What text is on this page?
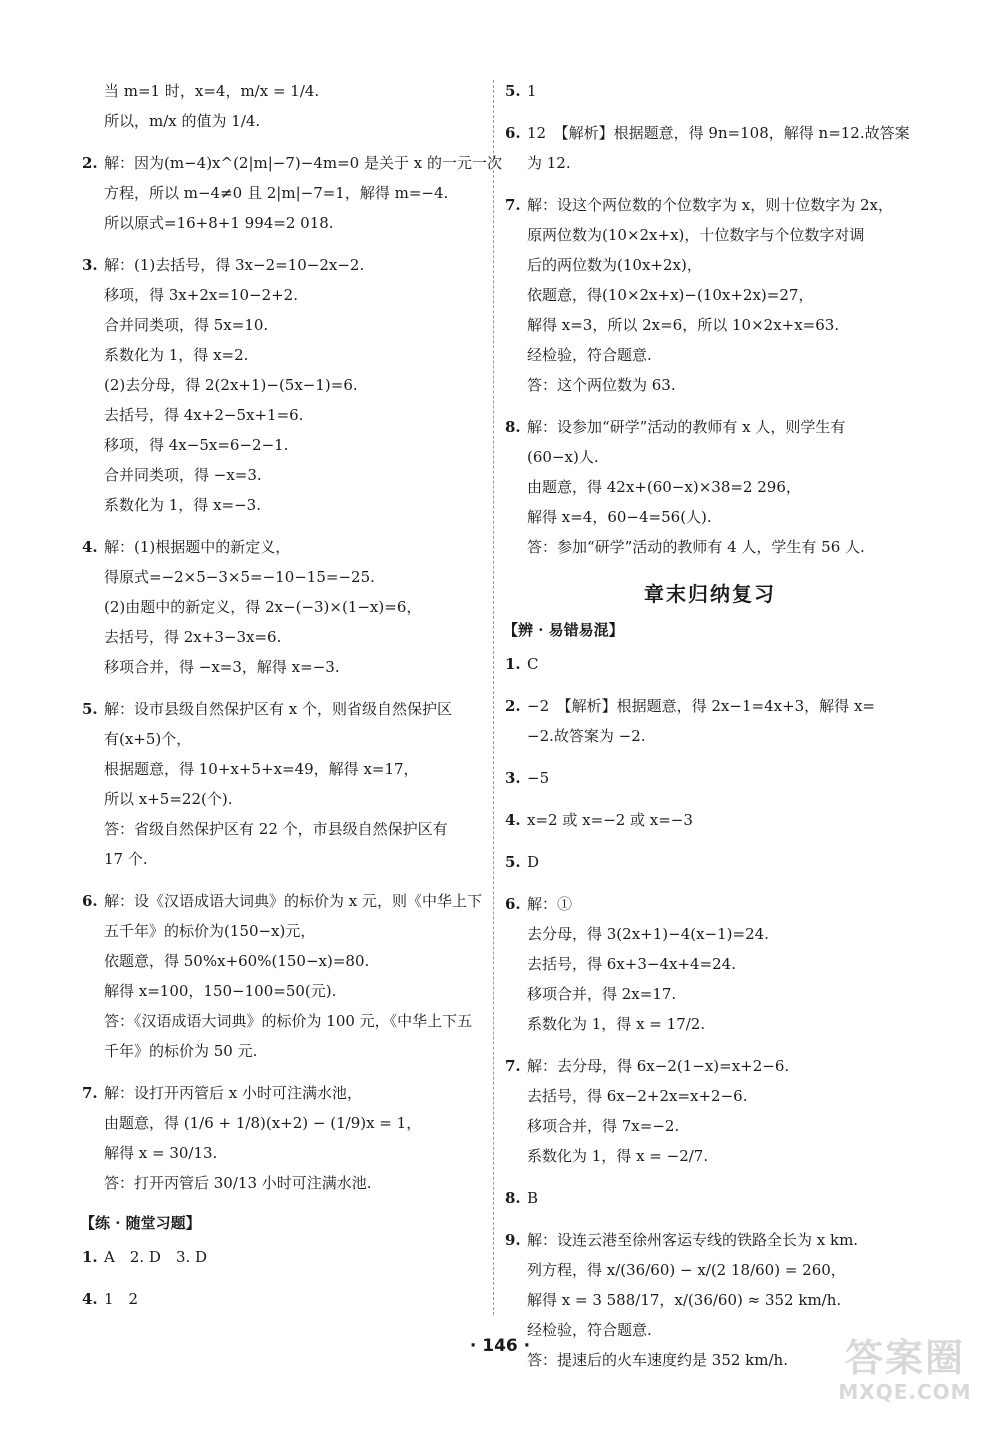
当 m=1 时，x=4，m/x = 1/4.
所以，m/x 的值为 1/4.
2. 解：因为(m−4)x^(2|m|−7)−4m=0 是关于 x 的一元一次
方程，所以 m−4≠0 且 2|m|−7=1，解得 m=−4.
所以原式=16+8+1 994=2 018.
3. 解：(1)去括号，得 3x−2=10−2x−2.
移项，得 3x+2x=10−2+2.
合并同类项，得 5x=10.
系数化为 1，得 x=2.
(2)去分母，得 2(2x+1)−(5x−1)=6.
去括号，得 4x+2−5x+1=6.
移项，得 4x−5x=6−2−1.
合并同类项，得 −x=3.
系数化为 1，得 x=−3.
4. 解：(1)根据题中的新定义，
得原式=−2×5−3×5=−10−15=−25.
(2)由题中的新定义，得 2x−(−3)×(1−x)=6，
去括号，得 2x+3−3x=6.
移项合并，得 −x=3，解得 x=−3.
5. 解：设市县级自然保护区有 x 个，则省级自然保护区
有(x+5)个，
根据题意，得 10+x+5+x=49，解得 x=17，
所以 x+5=22(个).
答：省级自然保护区有 22 个，市县级自然保护区有
17 个.
6. 解：设《汉语成语大词典》的标价为 x 元，则《中华上下
五千年》的标价为(150−x)元，
依题意，得 50%x+60%(150−x)=80.
解得 x=100，150−100=50(元).
答：《汉语成语大词典》的标价为 100 元，《中华上下五
千年》的标价为 50 元.
7. 解：设打开丙管后 x 小时可注满水池，
由题意，得 (1/6 + 1/8)(x+2) − (1/9)x = 1，
解得 x = 30/13.
答：打开丙管后 30/13 小时可注满水池.
【练 · 随堂习题】
1. A　2. D　3. D
4. 1　2
5. 1
6. 12　【解析】根据题意，得 9n=108，解得 n=12.故答案
为 12.
7. 解：设这个两位数的个位数字为 x，则十位数字为 2x，
原两位数为(10×2x+x)，十位数字与个位数字对调
后的两位数为(10x+2x)，
依题意，得(10×2x+x)−(10x+2x)=27，
解得 x=3，所以 2x=6，所以 10×2x+x=63.
经检验，符合题意.
答：这个两位数为 63.
8. 解：设参加“研学”活动的教师有 x 人，则学生有
(60−x)人.
由题意，得 42x+(60−x)×38=2 296，
解得 x=4，60−4=56(人).
答：参加“研学”活动的教师有 4 人，学生有 56 人.
章末归纳复习
【辨 · 易错易混】
1. C
2. −2　【解析】根据题意，得 2x−1=4x+3，解得 x=
−2.故答案为 −2.
3. −5
4. x=2 或 x=−2 或 x=−3
5. D
6. 解：①
去分母，得 3(2x+1)−4(x−1)=24.
去括号，得 6x+3−4x+4=24.
移项合并，得 2x=17.
系数化为 1，得 x = 17/2.
7. 解：去分母，得 6x−2(1−x)=x+2−6.
去括号，得 6x−2+2x=x+2−6.
移项合并，得 7x=−2.
系数化为 1，得 x = −2/7.
8. B
9. 解：设连云港至徐州客运专线的铁路全长为 x km.
列方程，得 x/(36/60) − x/(2 18/60) = 260，
解得 x = 3 588/17，x/(36/60) ≈ 352 km/h.
经检验，符合题意.
答：提速后的火车速度约是 352 km/h.
· 146 ·	答案圈
MXQE.COM
